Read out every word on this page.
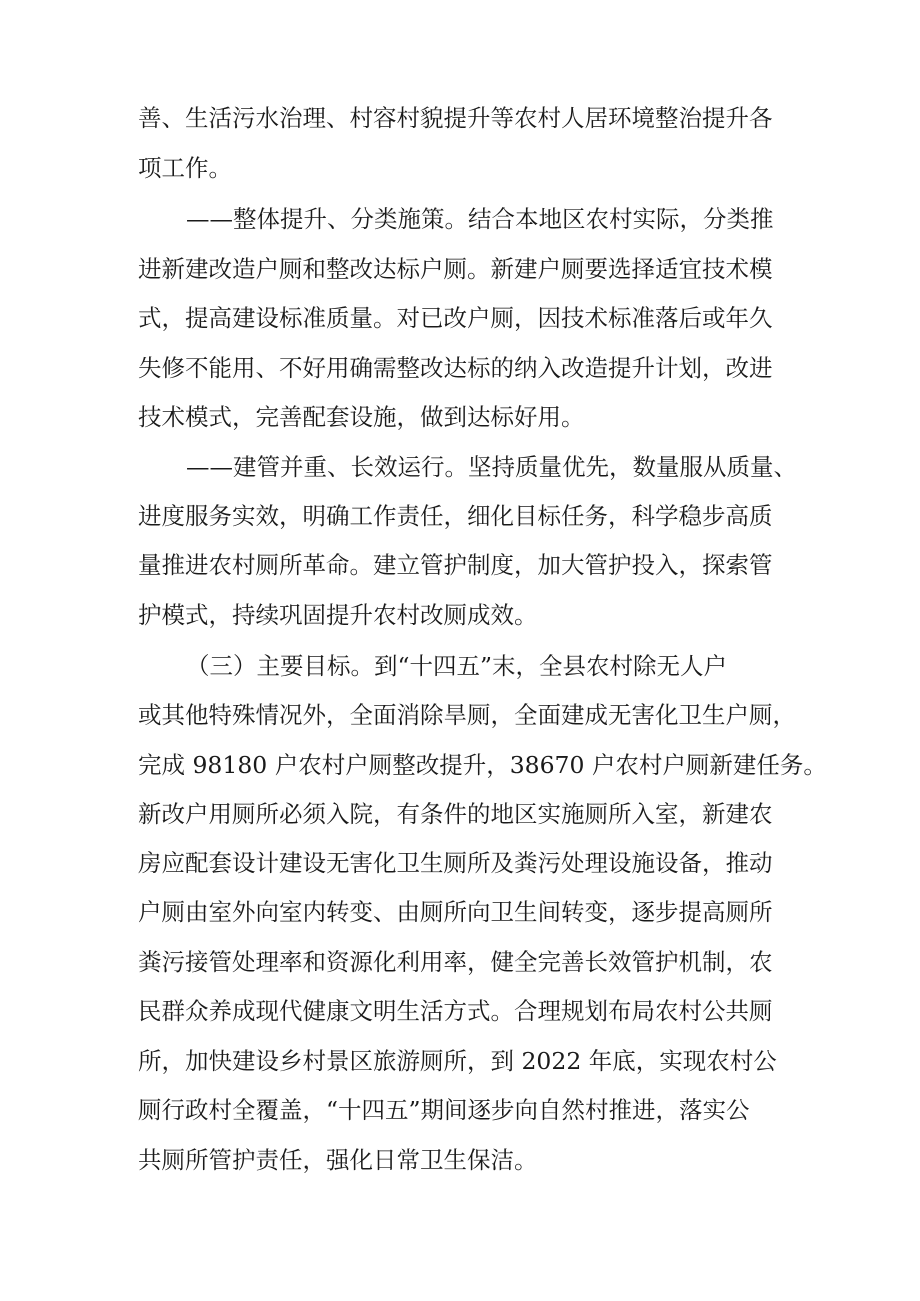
善、生活污水治理、村容村貌提升等农村人居环境整治提升各
项工作。
——整体提升、分类施策。结合本地区农村实际，分类推
进新建改造户厕和整改达标户厕。新建户厕要选择适宜技术模
式，提高建设标准质量。对已改户厕，因技术标准落后或年久
失修不能用、不好用确需整改达标的纳入改造提升计划，改进
技术模式，完善配套设施，做到达标好用。
——建管并重、长效运行。坚持质量优先，数量服从质量、
进度服务实效，明确工作责任，细化目标任务，科学稳步高质
量推进农村厕所革命。建立管护制度，加大管护投入，探索管
护模式，持续巩固提升农村改厕成效。
（三）主要目标。到“十四五”末，全县农村除无人户
或其他特殊情况外，全面消除旱厕，全面建成无害化卫生户厕，
完成 98180 户农村户厕整改提升，38670 户农村户厕新建任务。
新改户用厕所必须入院，有条件的地区实施厕所入室，新建农
房应配套设计建设无害化卫生厕所及粪污处理设施设备，推动
户厕由室外向室内转变、由厕所向卫生间转变，逐步提高厕所
粪污接管处理率和资源化利用率，健全完善长效管护机制，农
民群众养成现代健康文明生活方式。合理规划布局农村公共厕
所，加快建设乡村景区旅游厕所，到 2022 年底，实现农村公
厕行政村全覆盖，“十四五”期间逐步向自然村推进，落实公
共厕所管护责任，强化日常卫生保洁。
